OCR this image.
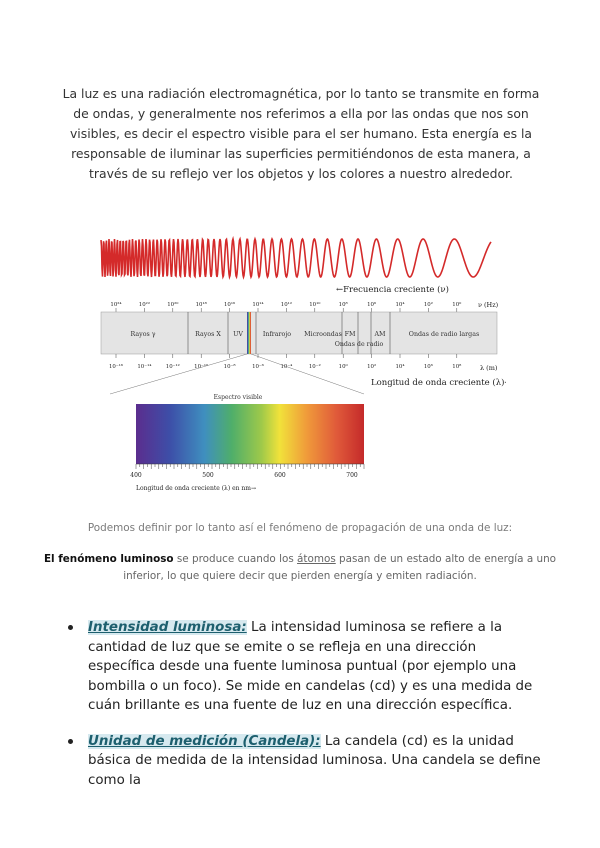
La luz es una radiación electromagnética, por lo tanto se transmite en forma de ondas, y generalmente nos referimos a ella por las ondas que nos son visibles, es decir el espectro visible para el ser humano. Esta energía es la responsable de iluminar las superficies permitiéndonos de esta manera, a través de su reflejo ver los objetos y los colores a nuestro alrededor.

←Frecuencia creciente (ν)
10²⁴	10²²	10²⁰	10¹⁸	10¹⁶	10¹⁴	10¹²	10¹⁰	10⁸	10⁶	10⁴	10²	10⁰	ν (Hz)
Rayos γ	Rayos X UV	Infrarojo Microondas FM
Ondas de radio
AM	Ondas de radio largas
10⁻¹⁶	10⁻¹⁴	10⁻¹²	10⁻¹⁰	10⁻⁸	10⁻⁶	10⁻⁴	10⁻²	10⁰	10²	10⁴	10⁶	10⁸	λ (m)
Longitud de onda creciente (λ)→
Espectro visible
400	500	600	700
Longitud de onda creciente (λ) en nm→

Podemos definir por lo tanto así el fenómeno de propagación de una onda de luz:

El fenómeno luminoso se produce cuando los átomos pasan de un estado alto de energía a uno inferior, lo que quiere decir que pierden energía y emiten radiación.

Intensidad luminosa: La intensidad luminosa se refiere a la cantidad de luz que se emite o se refleja en una dirección específica desde una fuente luminosa puntual (por ejemplo una bombilla o un foco). Se mide en candelas (cd) y es una medida de cuán brillante es una fuente de luz en una dirección específica.
Unidad de medición (Candela): La candela (cd) es la unidad básica de medida de la intensidad luminosa. Una candela se define como la
